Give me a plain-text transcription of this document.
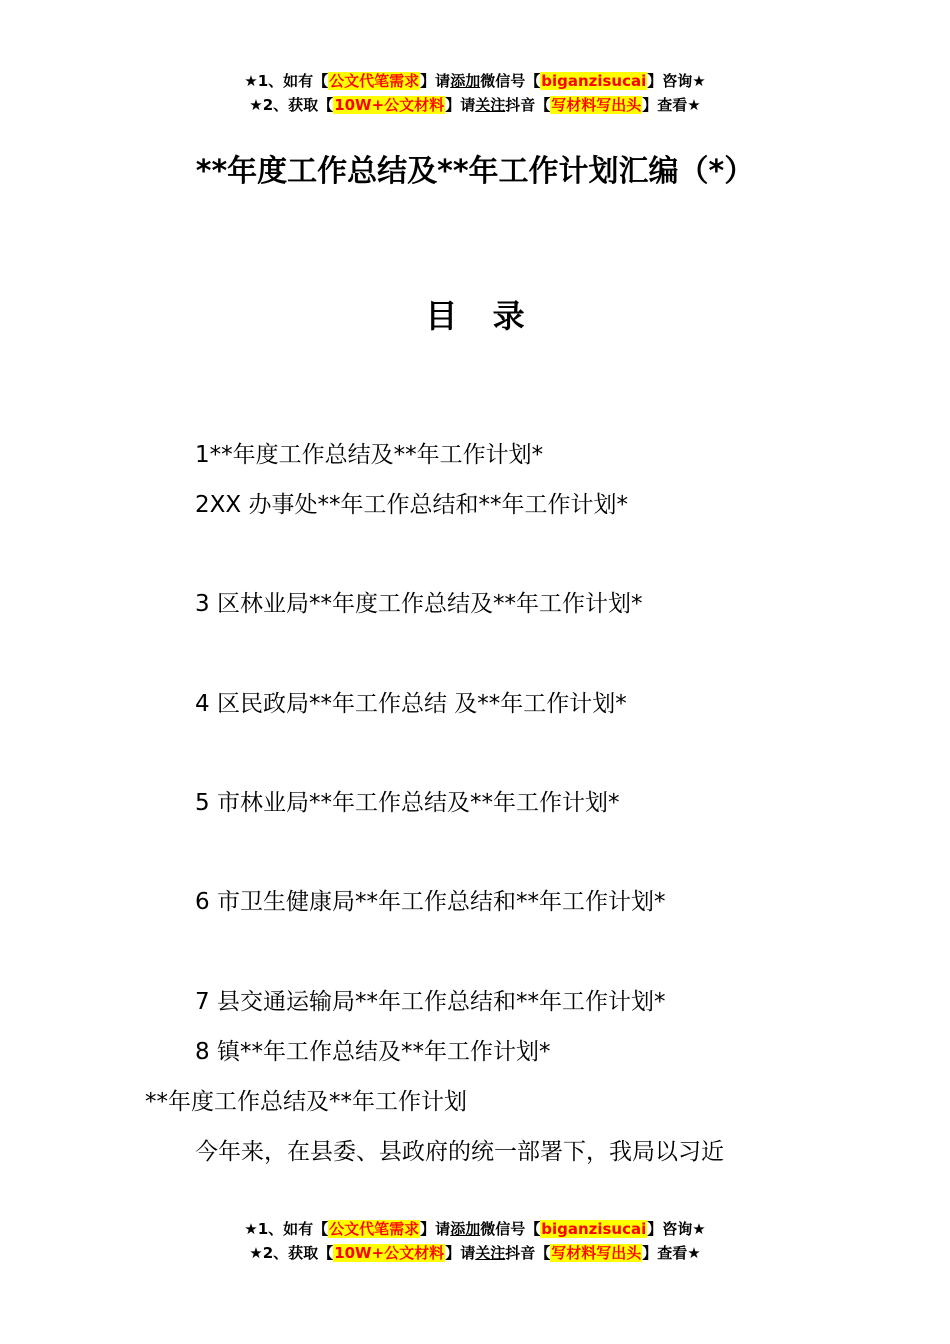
★1、如有【公文代笔需求】请添加微信号【biganzisucai】咨询★
★2、获取【10W+公文材料】请关注抖音【写材料写出头】查看★
**年度工作总结及**年工作计划汇编（*）
目 录
1**年度工作总结及**年工作计划*
2XX 办事处**年工作总结和**年工作计划*
3 区林业局**年度工作总结及**年工作计划*
4 区民政局**年工作总结 及**年工作计划*
5 市林业局**年工作总结及**年工作计划*
6 市卫生健康局**年工作总结和**年工作计划*
7 县交通运输局**年工作总结和**年工作计划*
8 镇**年工作总结及**年工作计划*
**年度工作总结及**年工作计划
今年来，在县委、县政府的统一部署下，我局以习近
★1、如有【公文代笔需求】请添加微信号【biganzisucai】咨询★
★2、获取【10W+公文材料】请关注抖音【写材料写出头】查看★
